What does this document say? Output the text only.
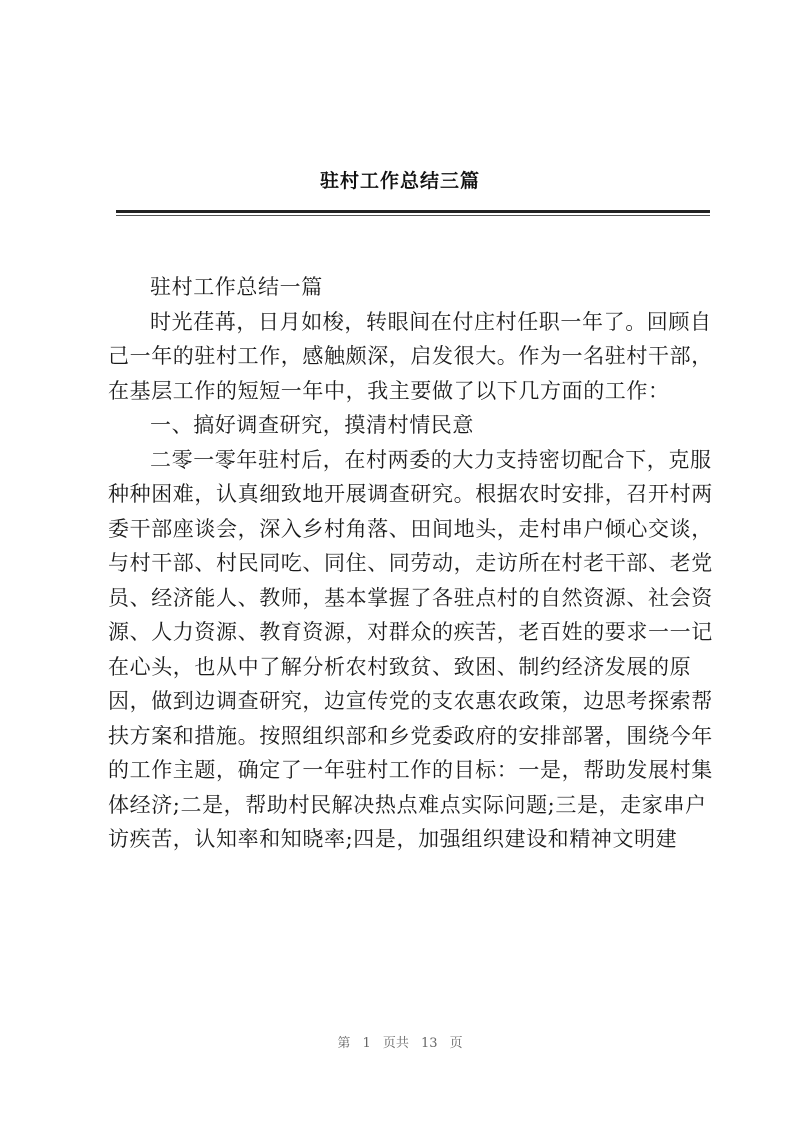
驻村工作总结三篇
驻村工作总结一篇
时光荏苒，日月如梭，转眼间在付庄村任职一年了。回顾自
己一年的驻村工作，感触颇深，启发很大。作为一名驻村干部，
在基层工作的短短一年中，我主要做了以下几方面的工作：
一、搞好调查研究，摸清村情民意
二零一零年驻村后，在村两委的大力支持密切配合下，克服
种种困难，认真细致地开展调查研究。根据农时安排，召开村两
委干部座谈会，深入乡村角落、田间地头，走村串户倾心交谈，
与村干部、村民同吃、同住、同劳动，走访所在村老干部、老党
员、经济能人、教师，基本掌握了各驻点村的自然资源、社会资
源、人力资源、教育资源，对群众的疾苦，老百姓的要求一一记
在心头，也从中了解分析农村致贫、致困、制约经济发展的原
因，做到边调查研究，边宣传党的支农惠农政策，边思考探索帮
扶方案和措施。按照组织部和乡党委政府的安排部署，围绕今年
的工作主题，确定了一年驻村工作的目标：一是，帮助发展村集
体经济;二是，帮助村民解决热点难点实际问题;三是，走家串户
访疾苦，认知率和知晓率;四是，加强组织建设和精神文明建
第 1 页共 13 页
